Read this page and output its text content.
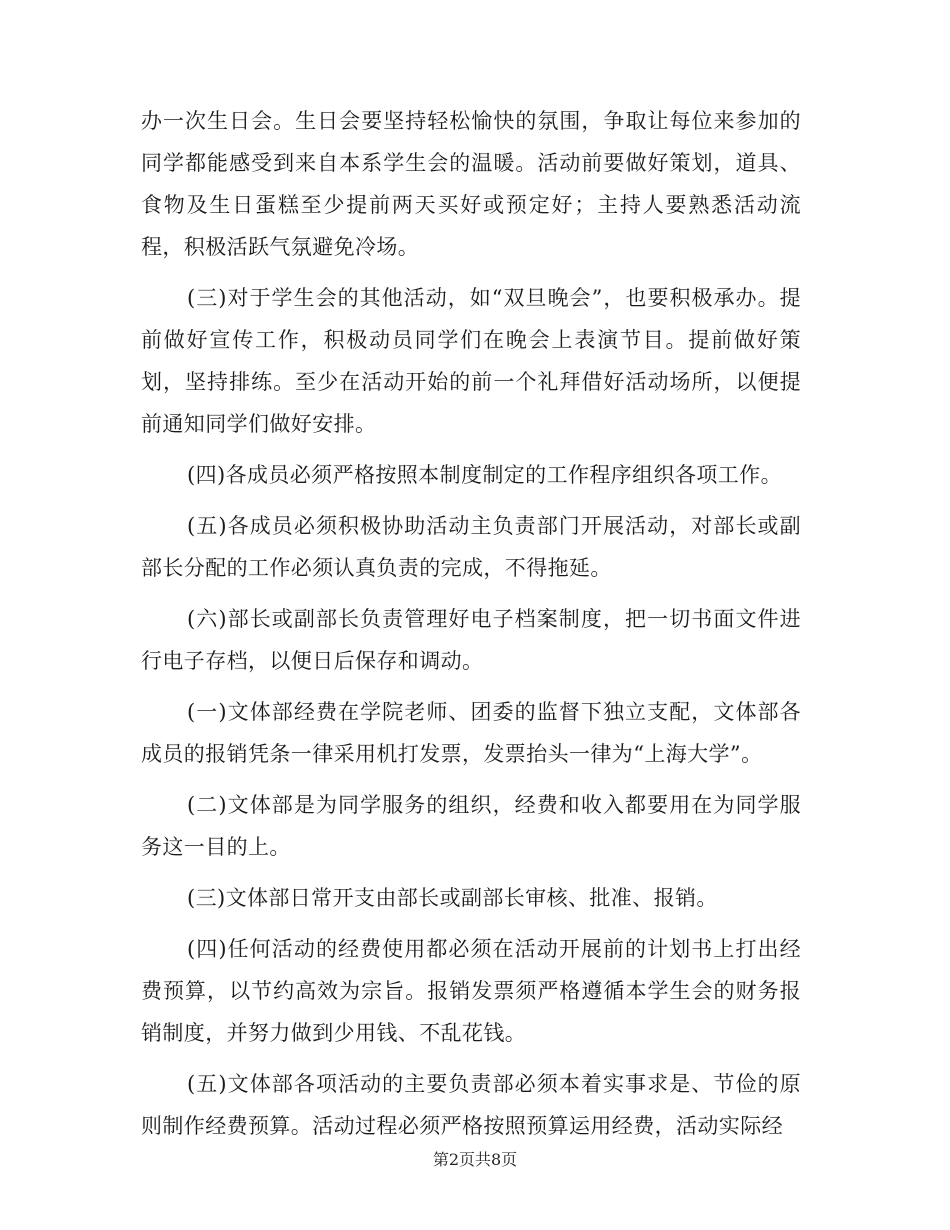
办一次生日会。生日会要坚持轻松愉快的氛围，争取让每位来参加的同学都能感受到来自本系学生会的温暖。活动前要做好策划，道具、食物及生日蛋糕至少提前两天买好或预定好；主持人要熟悉活动流程，积极活跃气氛避免冷场。

(三)对于学生会的其他活动，如“双旦晚会”，也要积极承办。提前做好宣传工作，积极动员同学们在晚会上表演节目。提前做好策划，坚持排练。至少在活动开始的前一个礼拜借好活动场所，以便提前通知同学们做好安排。

(四)各成员必须严格按照本制度制定的工作程序组织各项工作。

(五)各成员必须积极协助活动主负责部门开展活动，对部长或副部长分配的工作必须认真负责的完成，不得拖延。

(六)部长或副部长负责管理好电子档案制度，把一切书面文件进行电子存档，以便日后保存和调动。

(一)文体部经费在学院老师、团委的监督下独立支配，文体部各成员的报销凭条一律采用机打发票，发票抬头一律为“上海大学”。

(二)文体部是为同学服务的组织，经费和收入都要用在为同学服务这一目的上。

(三)文体部日常开支由部长或副部长审核、批准、报销。

(四)任何活动的经费使用都必须在活动开展前的计划书上打出经费预算，以节约高效为宗旨。报销发票须严格遵循本学生会的财务报销制度，并努力做到少用钱、不乱花钱。

(五)文体部各项活动的主要负责部必须本着实事求是、节俭的原则制作经费预算。活动过程必须严格按照预算运用经费，活动实际经

第2页共8页
